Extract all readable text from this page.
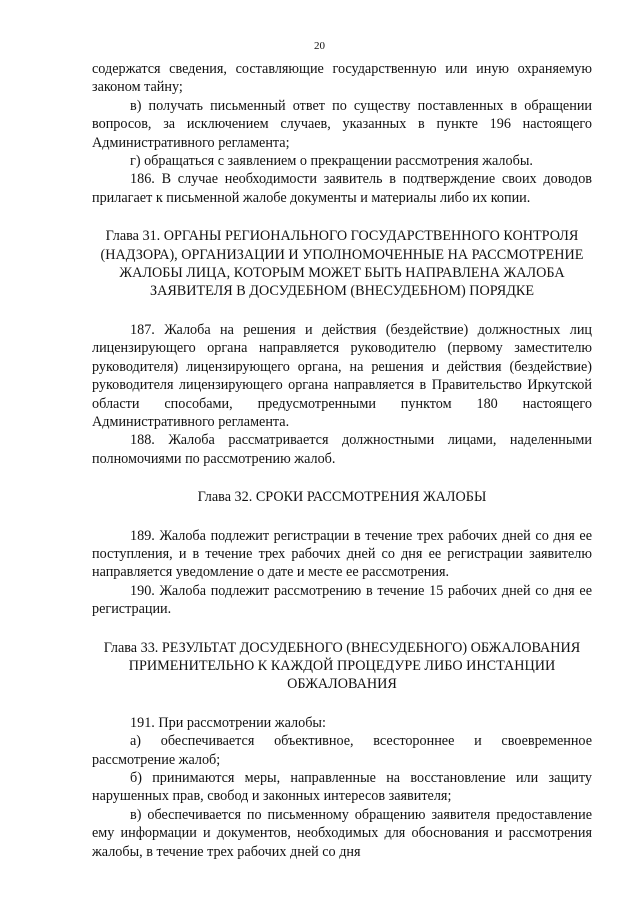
20

содержатся сведения, составляющие государственную или иную охраняемую законом тайну;

в) получать письменный ответ по существу поставленных в обращении вопросов, за исключением случаев, указанных в пункте 196 настоящего Административного регламента;

г) обращаться с заявлением о прекращении рассмотрения жалобы.

186. В случае необходимости заявитель в подтверждение своих доводов прилагает к письменной жалобе документы и материалы либо их копии.

Глава 31. ОРГАНЫ РЕГИОНАЛЬНОГО ГОСУДАРСТВЕННОГО КОНТРОЛЯ (НАДЗОРА), ОРГАНИЗАЦИИ И УПОЛНОМОЧЕННЫЕ НА РАССМОТРЕНИЕ ЖАЛОБЫ ЛИЦА, КОТОРЫМ МОЖЕТ БЫТЬ НАПРАВЛЕНА ЖАЛОБА ЗАЯВИТЕЛЯ В ДОСУДЕБНОМ (ВНЕСУДЕБНОМ) ПОРЯДКЕ

187. Жалоба на решения и действия (бездействие) должностных лиц лицензирующего органа направляется руководителю (первому заместителю руководителя) лицензирующего органа, на решения и действия (бездействие) руководителя лицензирующего органа направляется в Правительство Иркутской области способами, предусмотренными пунктом 180 настоящего Административного регламента.

188. Жалоба рассматривается должностными лицами, наделенными полномочиями по рассмотрению жалоб.

Глава 32. СРОКИ РАССМОТРЕНИЯ ЖАЛОБЫ

189. Жалоба подлежит регистрации в течение трех рабочих дней со дня ее поступления, и в течение трех рабочих дней со дня ее регистрации заявителю направляется уведомление о дате и месте ее рассмотрения.

190. Жалоба подлежит рассмотрению в течение 15 рабочих дней со дня ее регистрации.

Глава 33. РЕЗУЛЬТАТ ДОСУДЕБНОГО (ВНЕСУДЕБНОГО) ОБЖАЛОВАНИЯ ПРИМЕНИТЕЛЬНО К КАЖДОЙ ПРОЦЕДУРЕ ЛИБО ИНСТАНЦИИ ОБЖАЛОВАНИЯ

191. При рассмотрении жалобы:

а) обеспечивается объективное, всестороннее и своевременное рассмотрение жалоб;

б) принимаются меры, направленные на восстановление или защиту нарушенных прав, свобод и законных интересов заявителя;

в) обеспечивается по письменному обращению заявителя предоставление ему информации и документов, необходимых для обоснования и рассмотрения жалобы, в течение трех рабочих дней со дня
